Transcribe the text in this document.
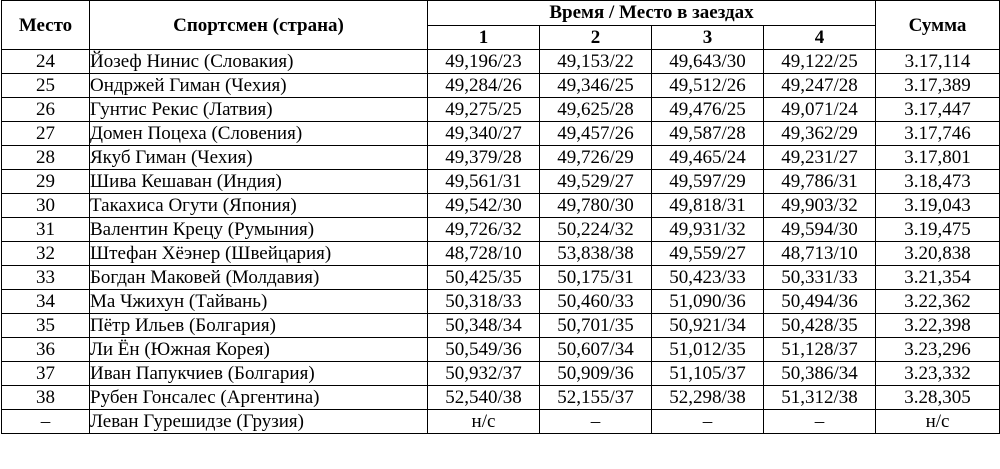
Место	Спортсмен (страна)	Время / Место в заездах				Сумма
		1	2	3	4	
24	Йозеф Нинис (Словакия)	49,196/23	49,153/22	49,643/30	49,122/25	3.17,114
25	Ондржей Гиман (Чехия)	49,284/26	49,346/25	49,512/26	49,247/28	3.17,389
26	Гунтис Рекис (Латвия)	49,275/25	49,625/28	49,476/25	49,071/24	3.17,447
27	Домен Поцеха (Словения)	49,340/27	49,457/26	49,587/28	49,362/29	3.17,746
28	Якуб Гиман (Чехия)	49,379/28	49,726/29	49,465/24	49,231/27	3.17,801
29	Шива Кешаван (Индия)	49,561/31	49,529/27	49,597/29	49,786/31	3.18,473
30	Такахиса Огути (Япония)	49,542/30	49,780/30	49,818/31	49,903/32	3.19,043
31	Валентин Крецу (Румыния)	49,726/32	50,224/32	49,931/32	49,594/30	3.19,475
32	Штефан Хёэнер (Швейцария)	48,728/10	53,838/38	49,559/27	48,713/10	3.20,838
33	Богдан Маковей (Молдавия)	50,425/35	50,175/31	50,423/33	50,331/33	3.21,354
34	Ма Чжихун (Тайвань)	50,318/33	50,460/33	51,090/36	50,494/36	3.22,362
35	Пётр Ильев (Болгария)	50,348/34	50,701/35	50,921/34	50,428/35	3.22,398
36	Ли Ён (Южная Корея)	50,549/36	50,607/34	51,012/35	51,128/37	3.23,296
37	Иван Папукчиев (Болгария)	50,932/37	50,909/36	51,105/37	50,386/34	3.23,332
38	Рубен Гонсалес (Аргентина)	52,540/38	52,155/37	52,298/38	51,312/38	3.28,305
–	Леван Гурешидзе (Грузия)	н/с	–	–	–	н/с
